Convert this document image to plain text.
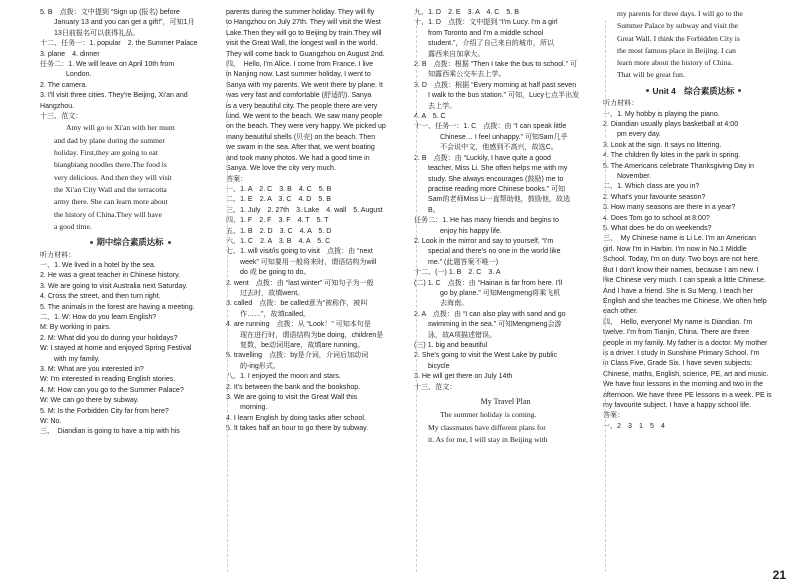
5. B　点拨：文中提到 “Sign up (报名) before
January 13 and you can get a gift!”，可知1月
13日前报名可以获得礼品。
十二、任务一：1. popular　2. the Summer Palace
3. plane　4. dinner
任务二：1. We will leave on April 10th from
London.
2. The camera.
3. I'll visit three cities. They're Beijing, Xi'an and
Hangzhou.
十三、范文：
Amy will go to Xi'an with her mum
and dad by plane during the summer
holiday. First,they are going to eat
biangbiang noodles there.The food is
very delicious. And then they will visit
the Xi'an City Wall and the terracotta
army there. She can learn more about
the history of China.They will have
a good time.
期中综合素质达标
听力材料：
一、1. We lived in a hotel by the sea.
2. He was a great teacher in Chinese history.
3. We are going to visit Australia next Saturday.
4. Cross the street, and then turn right.
5. The animals in the forest are having a meeting.
二、1. W: How do you learn English?
M: By working in pairs.
2. M: What did you do during your holidays?
W: I stayed at home and enjoyed Spring Festival
with my family.
3. M: What are you interested in?
W: I'm interested in reading English stories.
4. M: How can you go to the Summer Palace?
W: We can go there by subway.
5. M: Is the Forbidden City far from here?
W: No.
三、　Diandian is going to have a trip with his
parents during the summer holiday. They will fly
to Hangzhou on July 27th. They will visit the West
Lake.Then they will go to Beijing by train.They will
visit the Great Wall, the longest wall in the world.
They will come back to Guangzhou on August 2nd.
四、　Hello, I'm Alice. I come from France. I live
in Nanjing now. Last summer holiday, I went to
Sanya with my parents. We went there by plane. It
was very fast and comfortable (舒适的). Sanya
is a very beautiful city. The people there are very
kind. We went to the beach. We saw many people
on the beach. They were very happy. We picked up
many beautiful shells (贝壳) on the beach. Then
we swam in the sea. After that, we went boating
and took many photos. We had a good time in
Sanya. We love the city very much.
答案：
一、1. A　2. C　3. B　4. C　5. B
二、1. E　2. A　3. C　4. D　5. B
三、1. July　2. 27th　3. Lake　4. wall　5. August
四、1. F　2. F　3. F　4. T　5. T
五、1. B　2. D　3. C　4. A　5. D
六、1. C　2. A　3. B　4. A　5. C
七、1. will visit/is going to visit　点拨：由 “next
week” 可知要用一般将来时，谓语结构为will
do 或 be going to do。
2. went　点拨：由 “last winter” 可知句子为一般
过去时，故填went。
3. called　点拨：be called意为“被称作，被叫
作……”，故填called。
4. are running　点拨：从 “Look！” 可知本句是
现在进行时，谓语结构为be doing，children是
复数，be动词用are，故填are running。
5. travelling　点拨：by是介词，介词后加动词
的-ing形式。
八、1. I enjoyed the moon and stars.
2. It's between the bank and the bookshop.
3. We are going to visit the Great Wall this
morning.
4. I learn English by doing tasks after school.
5. It takes half an hour to go there by subway.
九、1. D　2. E　3. A　4. C　5. B
十、1. D　点拨：文中提到 “I'm Lucy. I'm a girl
from Toronto and I'm a middle school
student.”，介绍了自己来自的城市，所以
露西来自加拿大。
2. B　点拨：根据 “Then I take the bus to school.” 可
知露西乘公交车去上学。
3. D　点拨：根据 “Every morning at half past seven
I walk to the bus station.” 可知，Lucy七点半出发
去上学。
4. A　5. C
十一、任务一：1. C　点拨：由 “I can speak little
Chinese… I feel unhappy.” 可知Sam几乎
不会说中文，他感到不高兴，故选C。
2. B　点拨：由 “Luckily, I have quite a good
teacher, Miss Li. She often helps me with my
study. She always encourages (鼓励) me to
practise reading more Chinese books.” 可知
Sam的老师Miss Li一直帮助他，鼓励他，故选
B。
任务二：1. He has many friends and begins to
enjoy his happy life.
2. Look in the mirror and say to yourself, “I'm
special and there's no one in the world like
me.” (此题答案不唯一)
十二、(一) 1. B　2. C　3. A
(二) 1. C　点拨：由 “Hainan is far from here. I'll
go by plane.” 可知Mengmeng将乘飞机
去海南。
2. A　点拨：由 “I can also play with sand and go
swimming in the sea.” 可知Mengmeng会游
泳，故A项描述错误。
(三) 1. big and beautiful
2. She's going to visit the West Lake by public
bicycle
3. He will get there on July 14th
十三、范文：
My Travel Plan
The summer holiday is coming.
My classmates have different plans for
it. As for me, I will stay in Beijing with
my parents for three days. I will go to the
Summer Palace by subway and visit the
Great Wall. I think the Forbidden City is
the most famous place in Beijing. I can
learn more about the history of China.
That will be great fun.
Unit 4　综合素质达标
听力材料：
一、1. My hobby is playing the piano.
2. Diandian usually plays basketball at 4:00
pm every day.
3. Look at the sign. It says no littering.
4. The children fly kites in the park in spring.
5. The Americans celebrate Thanksgiving Day in
November.
二、1. Which class are you in?
2. What's your favourite season?
3. How many seasons are there in a year?
4. Does Tom go to school at 8:00?
5. What does he do on weekends?
三、　My Chinese name is Li Le. I'm an American
girl. Now I'm in Harbin. I'm now in No.1 Middle
School. Today, I'm on duty. Two boys are not here.
But I don't know their names, because I am new. I
like Chinese very much. I can speak a little Chinese.
And I have a friend. She is Su Meng. I teach her
English and she teaches me Chinese. We often help
each other.
四、　Hello, everyone! My name is Diandian. I'm
twelve. I'm from Tianjin, China. There are three
people in my family. My father is a doctor. My mother
is a driver. I study in Sunshine Primary School. I'm
in Class Five, Grade Six. I have seven subjects:
Chinese, maths, English, science, PE, art and music.
We have four lessons in the morning and two in the
afternoon. We have three PE lessons in a week. PE is
my favourite subject. I have a happy school life.
答案：
一、2　3　1　5　4
21
